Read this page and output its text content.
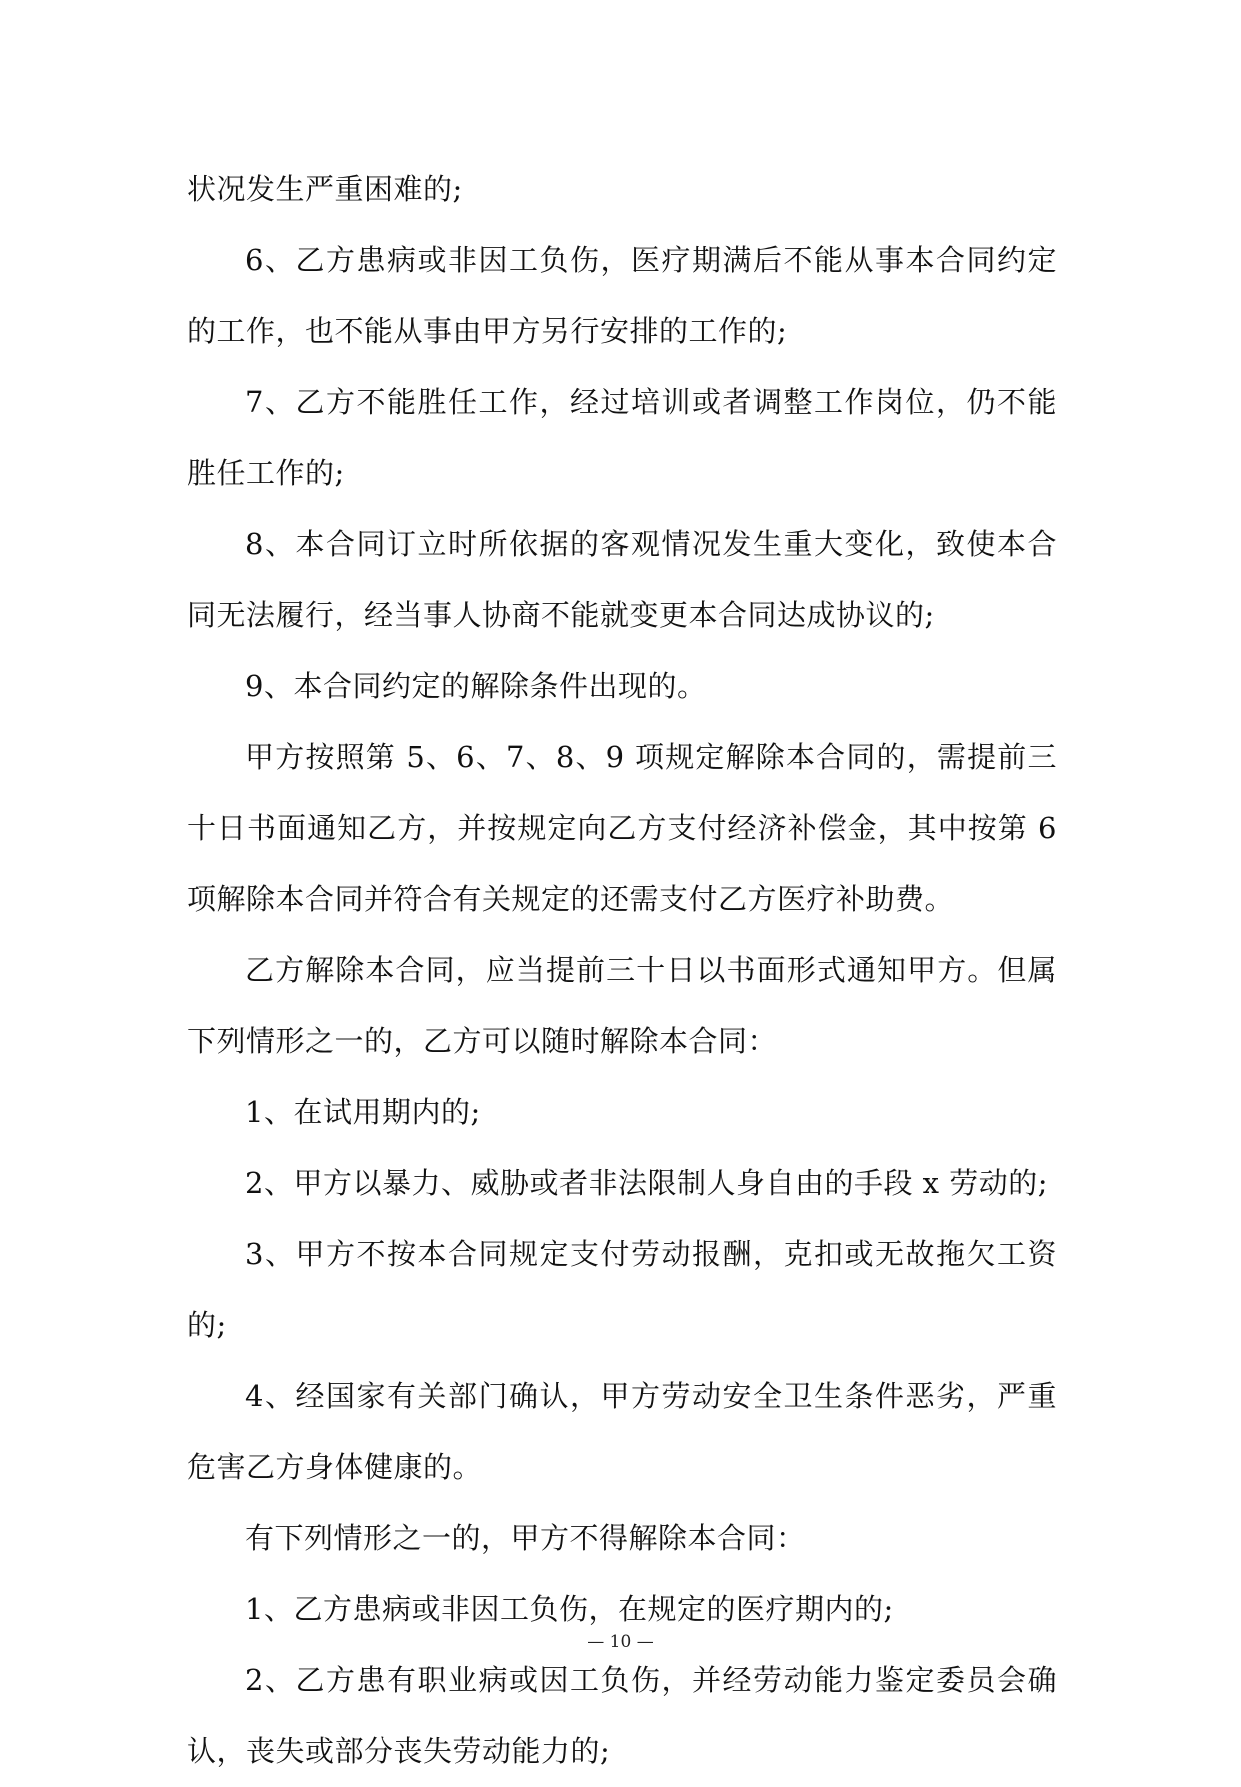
状况发生严重困难的;

6、乙方患病或非因工负伤，医疗期满后不能从事本合同约定的工作，也不能从事由甲方另行安排的工作的;

7、乙方不能胜任工作，经过培训或者调整工作岗位，仍不能胜任工作的;

8、本合同订立时所依据的客观情况发生重大变化，致使本合同无法履行，经当事人协商不能就变更本合同达成协议的;

9、本合同约定的解除条件出现的。

甲方按照第 5、6、7、8、9 项规定解除本合同的，需提前三十日书面通知乙方，并按规定向乙方支付经济补偿金，其中按第 6 项解除本合同并符合有关规定的还需支付乙方医疗补助费。

乙方解除本合同，应当提前三十日以书面形式通知甲方。但属下列情形之一的，乙方可以随时解除本合同：

1、在试用期内的;

2、甲方以暴力、威胁或者非法限制人身自由的手段 x 劳动的;

3、甲方不按本合同规定支付劳动报酬，克扣或无故拖欠工资的;

4、经国家有关部门确认，甲方劳动安全卫生条件恶劣，严重危害乙方身体健康的。

有下列情形之一的，甲方不得解除本合同：

1、乙方患病或非因工负伤，在规定的医疗期内的;

2、乙方患有职业病或因工负伤，并经劳动能力鉴定委员会确认，丧失或部分丧失劳动能力的;

— 10 —
